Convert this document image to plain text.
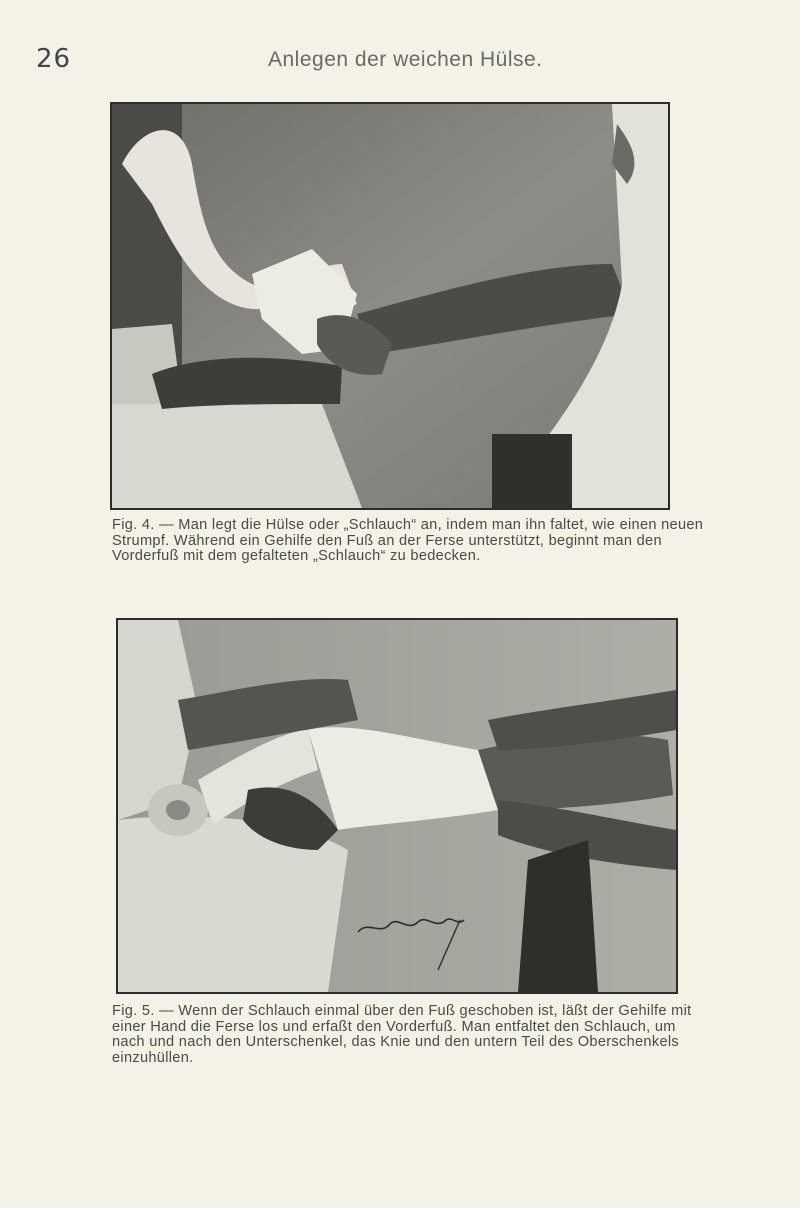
26	Anlegen der weichen Hülse.
Fig. 4. — Man legt die Hülse oder „Schlauch“ an, indem man ihn faltet, wie einen neuen Strumpf. Während ein Gehilfe den Fuß an der Ferse unterstützt, beginnt man den Vorderfuß mit dem gefalteten „Schlauch“ zu bedecken.
Fig. 5. — Wenn der Schlauch einmal über den Fuß geschoben ist, läßt der Gehilfe mit einer Hand die Ferse los und erfaßt den Vorderfuß. Man entfaltet den Schlauch, um nach und nach den Unterschenkel, das Knie und den untern Teil des Oberschenkels einzuhüllen.
